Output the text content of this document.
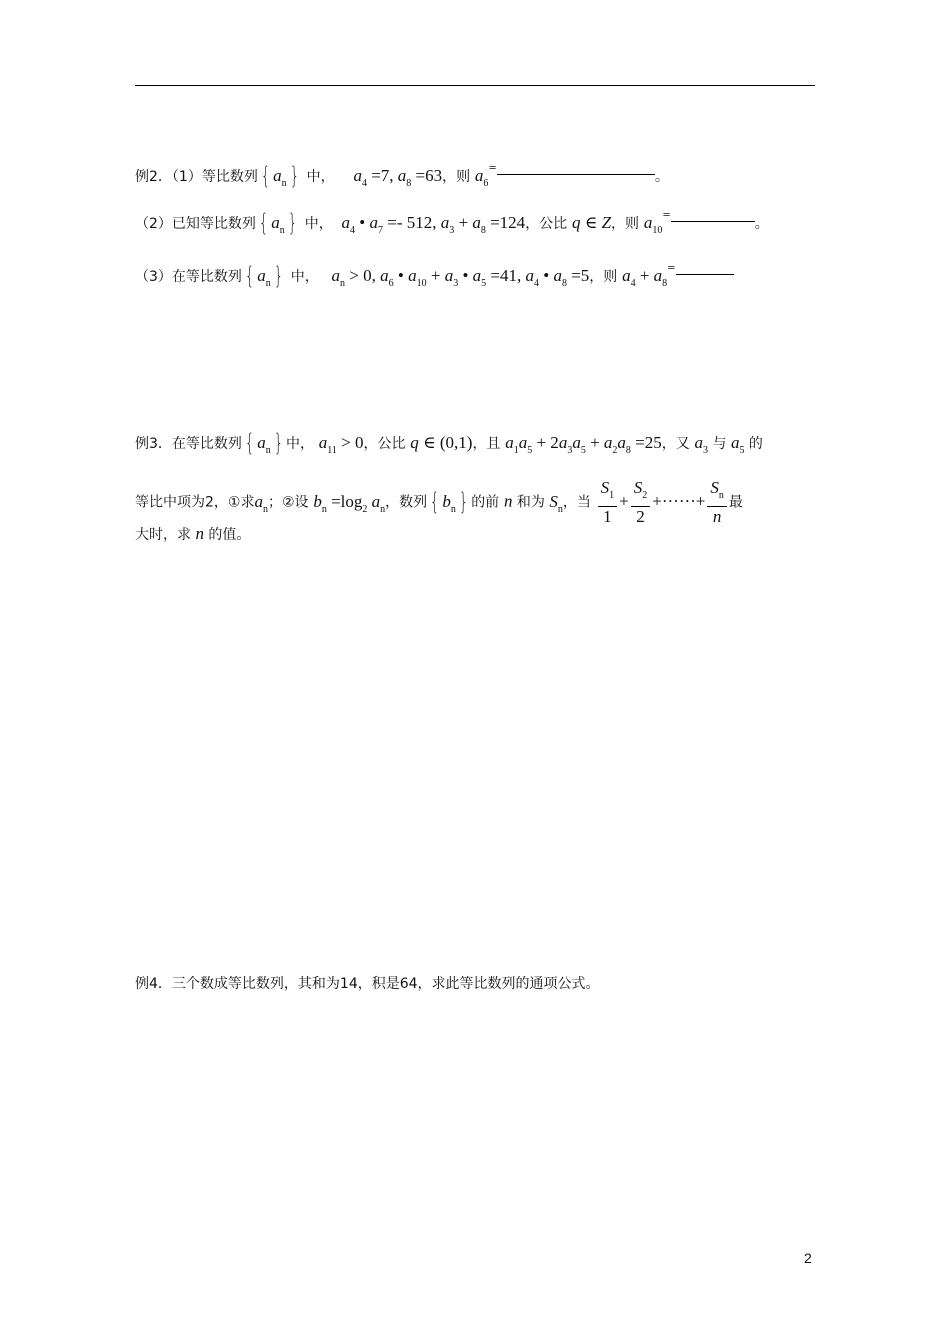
例2．（1）等比数列 { $a_n$ } 中， $a_4 =7$, $a_8 =63$，则 $a_6^=$。
（2）已知等比数列 { $a_n$ } 中， $a_4$ • $a_7 =- 512$, $a_3 + a_8 =124$，公比 q ∈ Z，则 $a_{10}^=$。
（3）在等比数列 { $a_n$ } 中， $a_n > 0$, $a_6$ • $a_{10} + a_3$ • $a_5 =41$, $a_4$ • $a_8 =5$，则 $a_4 + a_8^=$
例3．在等比数列 { $a_n$ } 中， $a_{11} > 0$，公比 q ∈ (0,1)，且 $a_1a_5 + 2a_3a_5 + a_2a_8 =25$，又 $a_3$ 与 $a_5$ 的
等比中项为2，①求$a_n$；②设 $b_n =\log_2$ $a_n$，数列 { $b_n$ } 的前 n 和为 $S_n$，当 $\frac{S_1}{1} + \frac{S_2}{2}$ +······+ $\frac{S_n}{n}$ 最
大时，求 n 的值。
例4．三个数成等比数列，其和为14，积是64，求此等比数列的通项公式。
2
